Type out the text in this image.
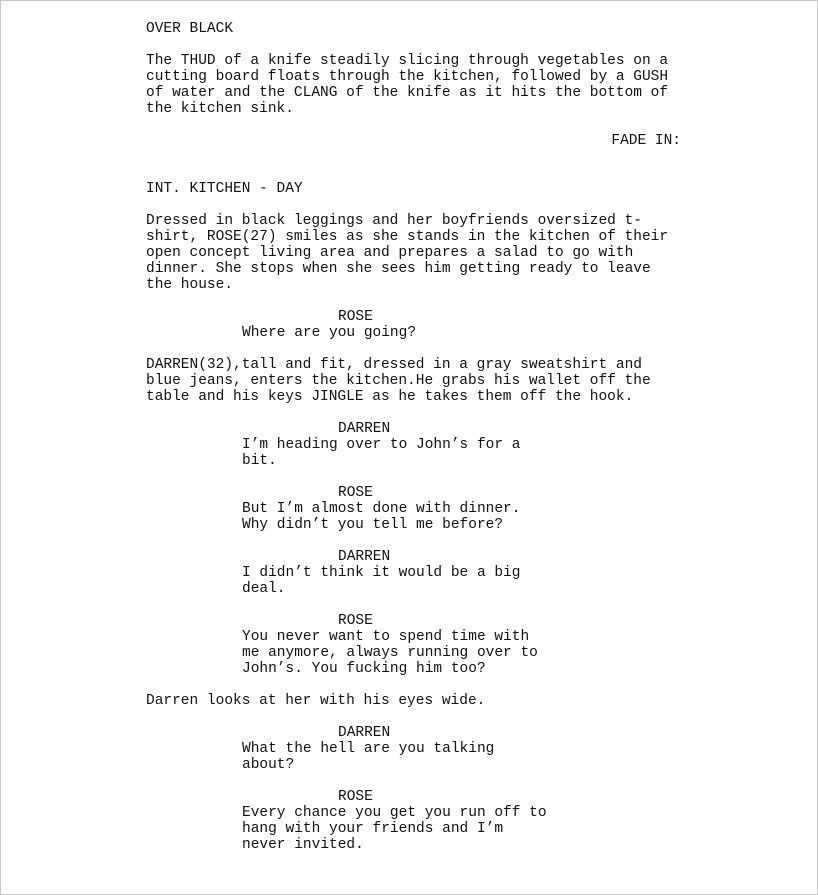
OVER BLACK
The THUD of a knife steadily slicing through vegetables on a
cutting board floats through the kitchen, followed by a GUSH
of water and the CLANG of the knife as it hits the bottom of
the kitchen sink.
FADE IN:
INT. KITCHEN - DAY
Dressed in black leggings and her boyfriends oversized t-
shirt, ROSE(27) smiles as she stands in the kitchen of their
open concept living area and prepares a salad to go with
dinner. She stops when she sees him getting ready to leave
the house.
ROSE
Where are you going?
DARREN(32),tall and fit, dressed in a gray sweatshirt and
blue jeans, enters the kitchen.He grabs his wallet off the
table and his keys JINGLE as he takes them off the hook.
DARREN
I’m heading over to John’s for a
bit.
ROSE
But I’m almost done with dinner.
Why didn’t you tell me before?
DARREN
I didn’t think it would be a big
deal.
ROSE
You never want to spend time with
me anymore, always running over to
John’s. You fucking him too?
Darren looks at her with his eyes wide.
DARREN
What the hell are you talking
about?
ROSE
Every chance you get you run off to
hang with your friends and I’m
never invited.
